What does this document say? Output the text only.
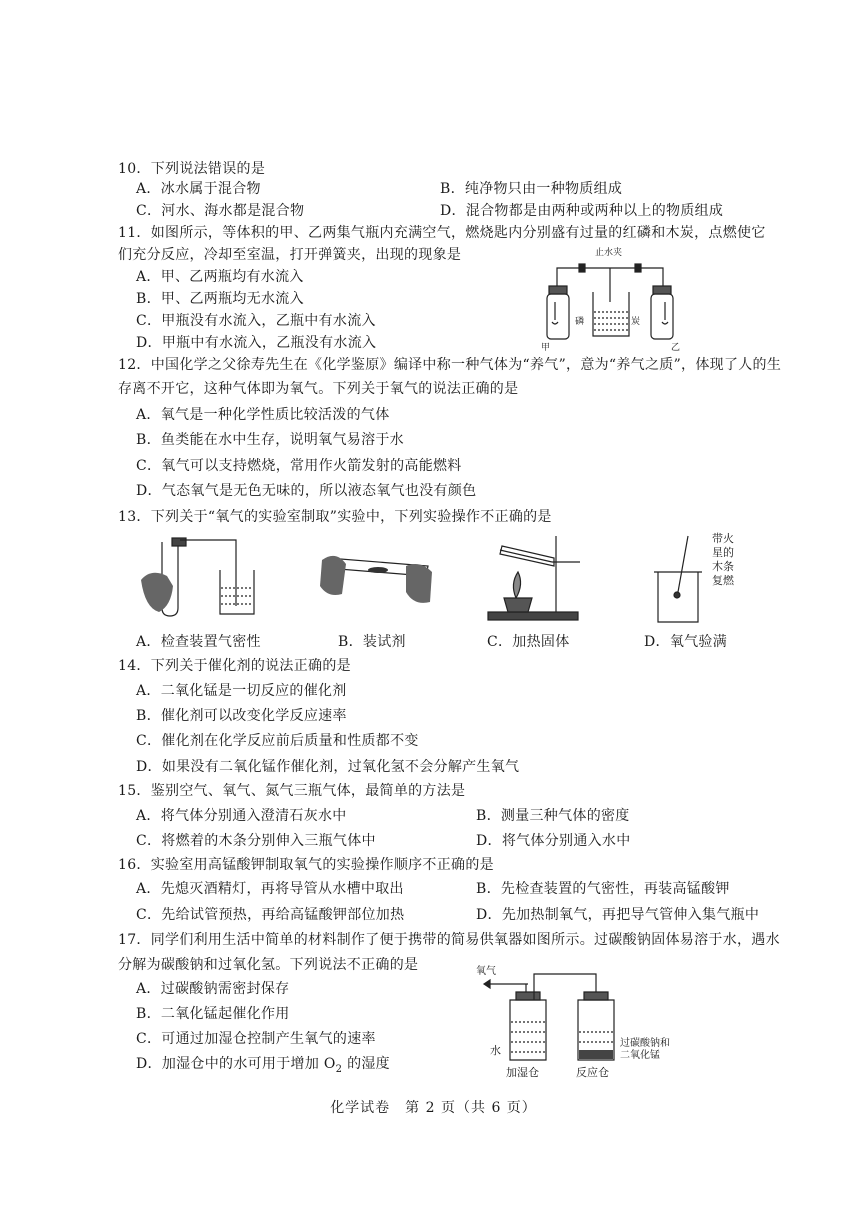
10．下列说法错误的是
A．冰水属于混合物	B．纯净物只由一种物质组成
C．河水、海水都是混合物	D．混合物都是由两种或两种以上的物质组成
11．如图所示，等体积的甲、乙两集气瓶内充满空气，燃烧匙内分别盛有过量的红磷和木炭，点燃使它
们充分反应，冷却至室温，打开弹簧夹，出现的现象是
A．甲、乙两瓶均有水流入
B．甲、乙两瓶均无水流入
C．甲瓶没有水流入，乙瓶中有水流入
D．甲瓶中有水流入，乙瓶没有水流入
止水夹
磷	炭
甲	乙
12．中国化学之父徐寿先生在《化学鉴原》编译中称一种气体为“养气”，意为“养气之质”，体现了人的生
存离不开它，这种气体即为氧气。下列关于氧气的说法正确的是
A．氧气是一种化学性质比较活泼的气体
B．鱼类能在水中生存，说明氧气易溶于水
C．氧气可以支持燃烧，常用作火箭发射的高能燃料
D．气态氧气是无色无味的，所以液态氧气也没有颜色
13．下列关于“氧气的实验室制取”实验中，下列实验操作不正确的是
带火
星的
木条
复燃
A．检查装置气密性	B．装试剂	C．加热固体	D．氧气验满
14．下列关于催化剂的说法正确的是
A．二氧化锰是一切反应的催化剂
B．催化剂可以改变化学反应速率
C．催化剂在化学反应前后质量和性质都不变
D．如果没有二氧化锰作催化剂，过氧化氢不会分解产生氧气
15．鉴别空气、氧气、氮气三瓶气体，最简单的方法是
A．将气体分别通入澄清石灰水中	B．测量三种气体的密度
C．将燃着的木条分别伸入三瓶气体中	D．将气体分别通入水中
16．实验室用高锰酸钾制取氧气的实验操作顺序不正确的是
A．先熄灭酒精灯，再将导管从水槽中取出	B．先检查装置的气密性，再装高锰酸钾
C．先给试管预热，再给高锰酸钾部位加热	D．先加热制氧气，再把导气管伸入集气瓶中
17．同学们利用生活中简单的材料制作了便于携带的简易供氧器如图所示。过碳酸钠固体易溶于水，遇水
分解为碳酸钠和过氧化氢。下列说法不正确的是
A．过碳酸钠需密封保存
B．二氧化锰起催化作用
C．可通过加湿仓控制产生氧气的速率
D．加湿仓中的水可用于增加 $O_2$ 的湿度
氧气
水
加湿仓	反应仓
过碳酸钠和
二氧化锰
化学试卷　第 2 页（共 6 页）
